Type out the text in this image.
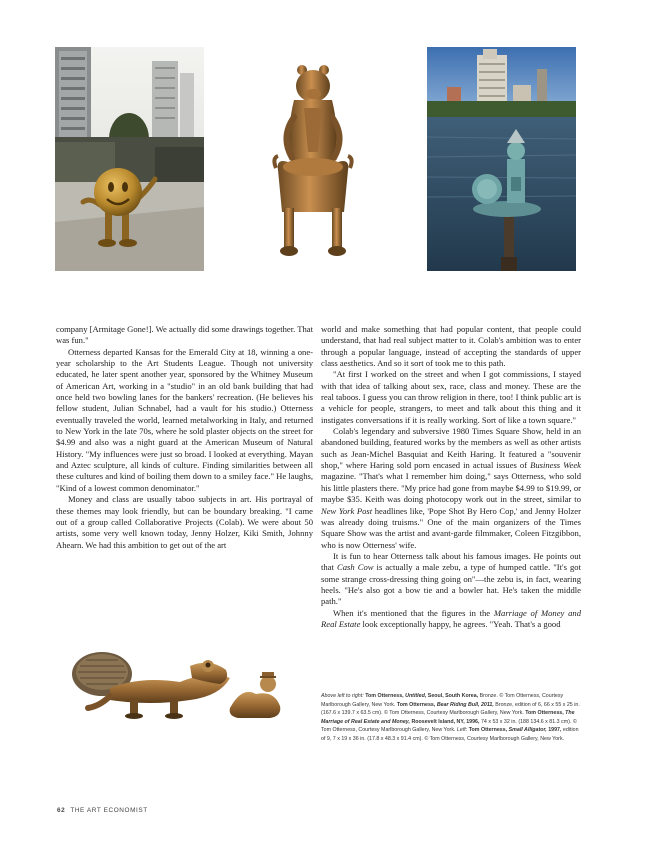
company [Armitage Gone!]. We actually did some drawings together. That was fun."

Otterness departed Kansas for the Emerald City at 18, winning a one-year scholarship to the Art Students League. Though not university educated, he later spent another year, sponsored by the Whitney Museum of American Art, working in a "studio" in an old bank building that had once held two bowling lanes for the bankers' recreation. (He believes his fellow student, Julian Schnabel, had a vault for his studio.) Otterness eventually traveled the world, learned metalworking in Italy, and returned to New York in the late 70s, where he sold plaster objects on the street for $4.99 and also was a night guard at the American Museum of Natural History. "My influences were just so broad. I looked at everything. Mayan and Aztec sculpture, all kinds of culture. Finding similarities between all these cultures and kind of boiling them down to a smiley face." He laughs, "Kind of a lowest common denominator."

Money and class are usually taboo subjects in art. His portrayal of these themes may look friendly, but can be boundary breaking. "I came out of a group called Collaborative Projects (Colab). We were about 50 artists, some very well known today, Jenny Holzer, Kiki Smith, Johnny Ahearn. We had this ambition to get out of the art

world and make something that had popular content, that people could understand, that had real subject matter to it. Colab's ambition was to enter through a popular language, instead of accepting the standards of upper class aesthetics. And so it sort of took me to this path.

"At first I worked on the street and when I got commissions, I stayed with that idea of talking about sex, race, class and money. These are the real taboos. I guess you can throw religion in there, too! I think public art is a vehicle for people, strangers, to meet and talk about this thing and it instigates conversations if it is really working. Sort of like a town square."

Colab's legendary and subversive 1980 Times Square Show, held in an abandoned building, featured works by the members as well as other artists such as Jean-Michel Basquiat and Keith Haring. It featured a "souvenir shop," where Haring sold porn encased in actual issues of Business Week magazine. "That's what I remember him doing," says Otterness, who sold his little plasters there. "My price had gone from maybe $4.99 to $19.99, or maybe $35. Keith was doing photocopy work out in the street, similar to New York Post headlines like, 'Pope Shot By Hero Cop,' and Jenny Holzer was already doing truisms." One of the main organizers of the Times Square Show was the artist and avant-garde filmmaker, Coleen Fitzgibbon, who is now Otterness' wife.

It is fun to hear Otterness talk about his famous images. He points out that Cash Cow is actually a male zebu, a type of humped cattle. "It's got some strange cross-dressing thing going on"—the zebu is, in fact, wearing heels. "He's also got a bow tie and a bowler hat. He's taken the middle path."

When it's mentioned that the figures in the Marriage of Money and Real Estate look exceptionally happy, he agrees. "Yeah. That's a good

Above left to right: Tom Otterness, Untitled, Seoul, South Korea, Bronze. © Tom Otterness, Courtesy Marlborough Gallery, New York. Tom Otterness, Bear Riding Bull, 2011, Bronze, edition of 6, 66 x 55 x 25 in. (167.6 x 139.7 x 63.5 cm). © Tom Otterness, Courtesy Marlborough Gallery, New York. Tom Otterness, The Marriage of Real Estate and Money, Roosevelt Island, NY, 1996, 74 x 53 x 32 in. (188 134.6 x 81.3 cm). © Tom Otterness, Courtesy Marlborough Gallery, New York. Left: Tom Otterness, Small Alligator, 1997, edition of 9, 7 x 19 x 36 in. (17.8 x 48.3 x 91.4 cm). © Tom Otterness, Courtesy Marlborough Gallery, New York.
62 THE ART ECONOMIST
